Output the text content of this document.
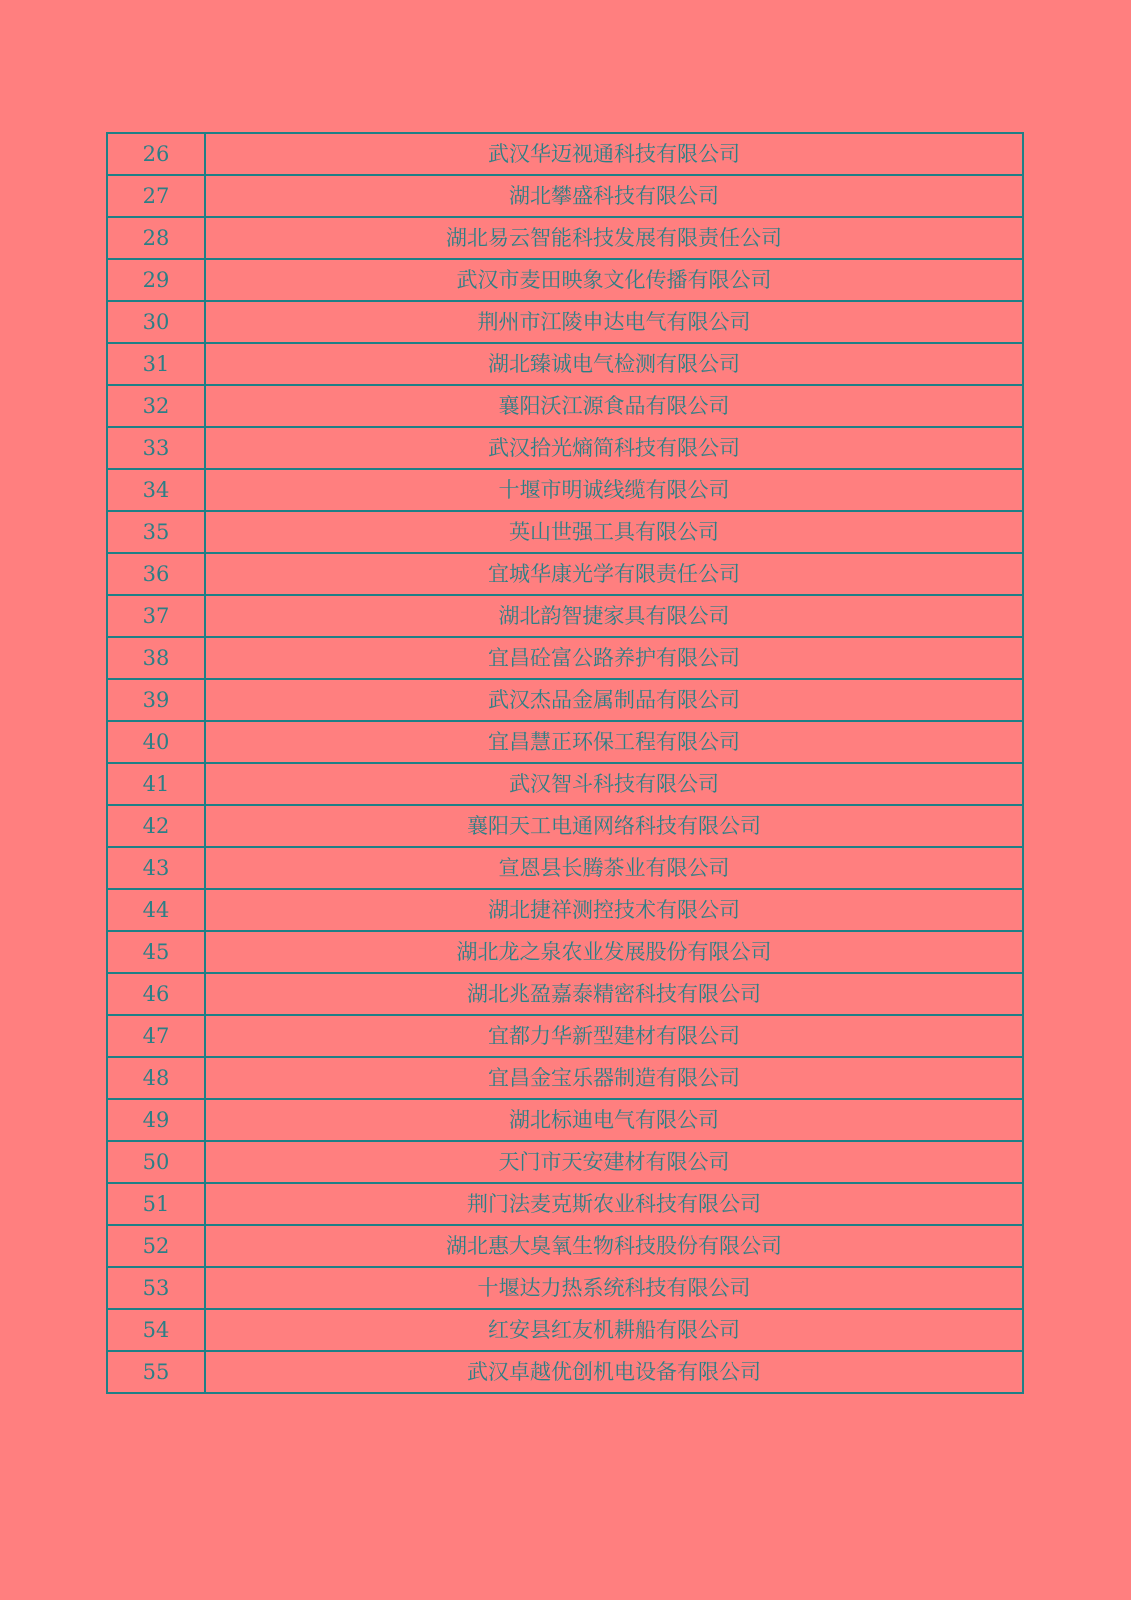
26	武汉华迈视通科技有限公司
27	湖北攀盛科技有限公司
28	湖北易云智能科技发展有限责任公司
29	武汉市麦田映象文化传播有限公司
30	荆州市江陵申达电气有限公司
31	湖北臻诚电气检测有限公司
32	襄阳沃江源食品有限公司
33	武汉拾光熵简科技有限公司
34	十堰市明诚线缆有限公司
35	英山世强工具有限公司
36	宜城华康光学有限责任公司
37	湖北韵智捷家具有限公司
38	宜昌砼富公路养护有限公司
39	武汉杰品金属制品有限公司
40	宜昌慧正环保工程有限公司
41	武汉智斗科技有限公司
42	襄阳天工电通网络科技有限公司
43	宣恩县长腾茶业有限公司
44	湖北捷祥测控技术有限公司
45	湖北龙之泉农业发展股份有限公司
46	湖北兆盈嘉泰精密科技有限公司
47	宜都力华新型建材有限公司
48	宜昌金宝乐器制造有限公司
49	湖北标迪电气有限公司
50	天门市天安建材有限公司
51	荆门法麦克斯农业科技有限公司
52	湖北惠大臭氧生物科技股份有限公司
53	十堰达力热系统科技有限公司
54	红安县红友机耕船有限公司
55	武汉卓越优创机电设备有限公司
